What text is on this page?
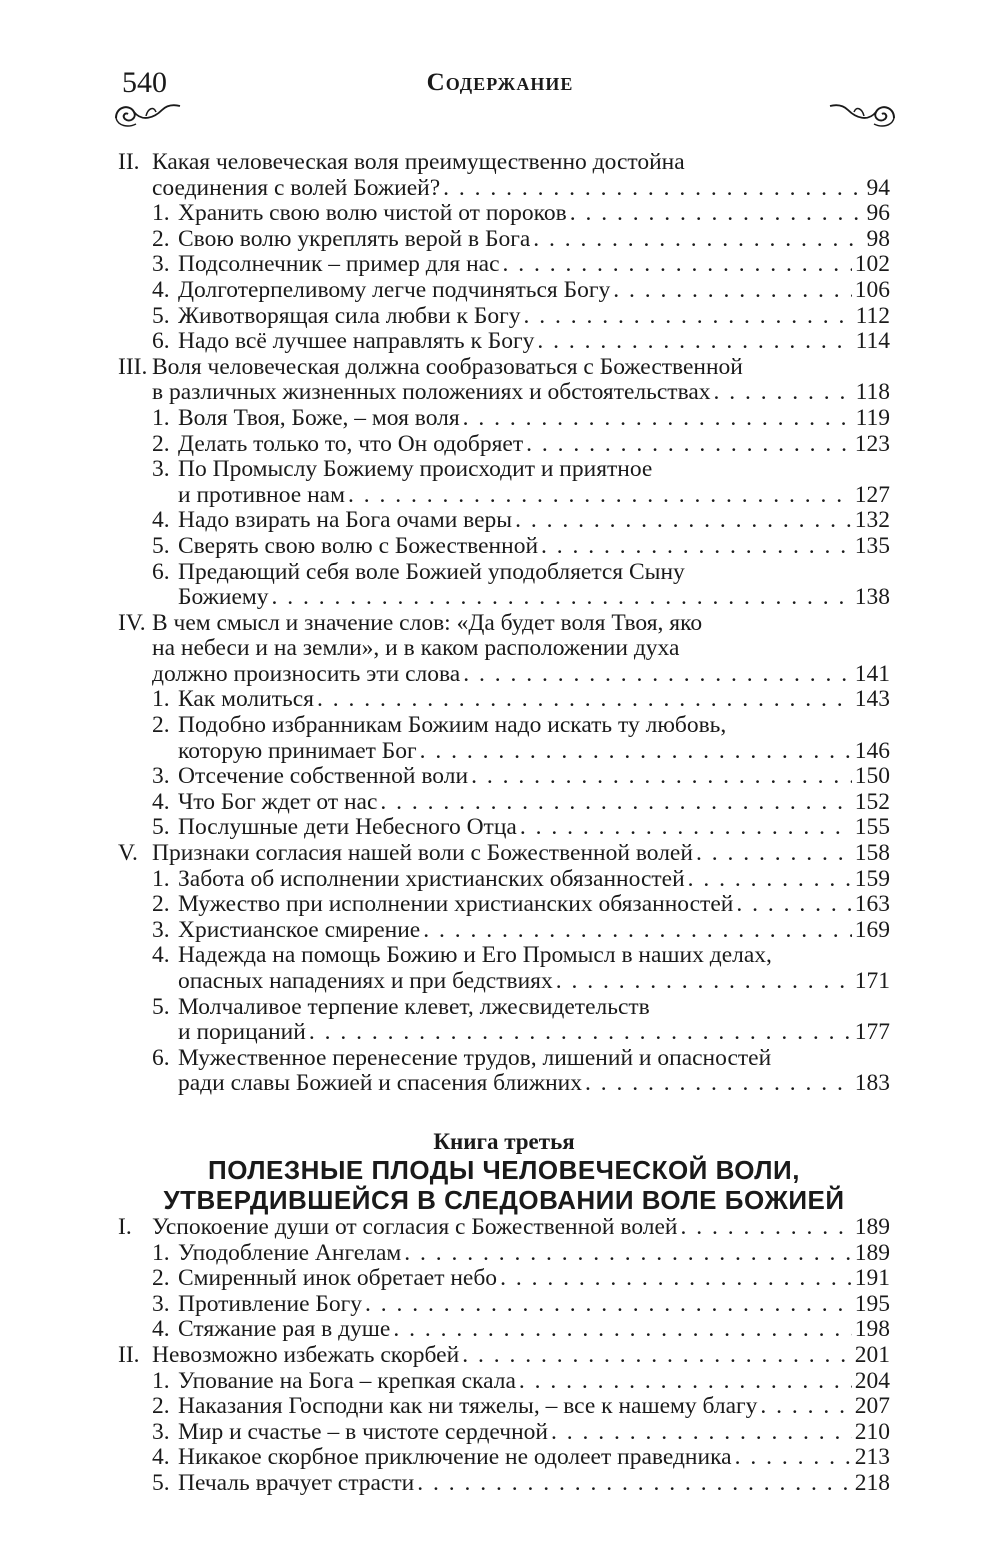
540	Содержание
II. Какая человеческая воля преимущественно достойна
соединения с волей Божией? . . .	94
1. Хранить свою волю чистой от пороков . . .	96
2. Свою волю укреплять верой в Бога . . .	98
3. Подсолнечник – пример для нас . . .	102
4. Долготерпеливому легче подчиняться Богу . . .	106
5. Животворящая сила любви к Богу . . .	112
6. Надо всё лучшее направлять к Богу . . .	114
III. Воля человеческая должна сообразоваться с Божественной
в различных жизненных положениях и обстоятельствах . . .	118
1. Воля Твоя, Боже, – моя воля . . .	119
2. Делать только то, что Он одобряет . . .	123
3. По Промыслу Божиему происходит и приятное
и противное нам . . .	127
4. Надо взирать на Бога очами веры . . .	132
5. Сверять свою волю с Божественной . . .	135
6. Предающий себя воле Божией уподобляется Сыну
Божиему . . .	138
IV. В чем смысл и значение слов: «Да будет воля Твоя, яко
на небеси и на земли», и в каком расположении духа
должно произносить эти слова . . .	141
1. Как молиться . . .	143
2. Подобно избранникам Божиим надо искать ту любовь,
которую принимает Бог . . .	146
3. Отсечение собственной воли . . .	150
4. Что Бог ждет от нас . . .	152
5. Послушные дети Небесного Отца . . .	155
V. Признаки согласия нашей воли с Божественной волей . . .	158
1. Забота об исполнении христианских обязанностей . . .	159
2. Мужество при исполнении христианских обязанностей . . .	163
3. Христианское смирение . . .	169
4. Надежда на помощь Божию и Его Промысл в наших делах,
опасных нападениях и при бедствиях . . .	171
5. Молчаливое терпение клевет, лжесвидетельств
и порицаний . . .	177
6. Мужественное перенесение трудов, лишений и опасностей
ради славы Божией и спасения ближних . . .	183
Книга третья
ПОЛЕЗНЫЕ ПЛОДЫ ЧЕЛОВЕЧЕСКОЙ ВОЛИ,
УТВЕРДИВШЕЙСЯ В СЛЕДОВАНИИ ВОЛЕ БОЖИЕЙ
I. Успокоение души от согласия с Божественной волей . . .	189
1. Уподобление Ангелам . . .	189
2. Смиренный инок обретает небо . . .	191
3. Противление Богу . . .	195
4. Стяжание рая в душе . . .	198
II. Невозможно избежать скорбей . . .	201
1. Упование на Бога – крепкая скала . . .	204
2. Наказания Господни как ни тяжелы, – все к нашему благу . . .	207
3. Мир и счастье – в чистоте сердечной . . .	210
4. Никакое скорбное приключение не одолеет праведника . . .	213
5. Печаль врачует страсти . . .	218
